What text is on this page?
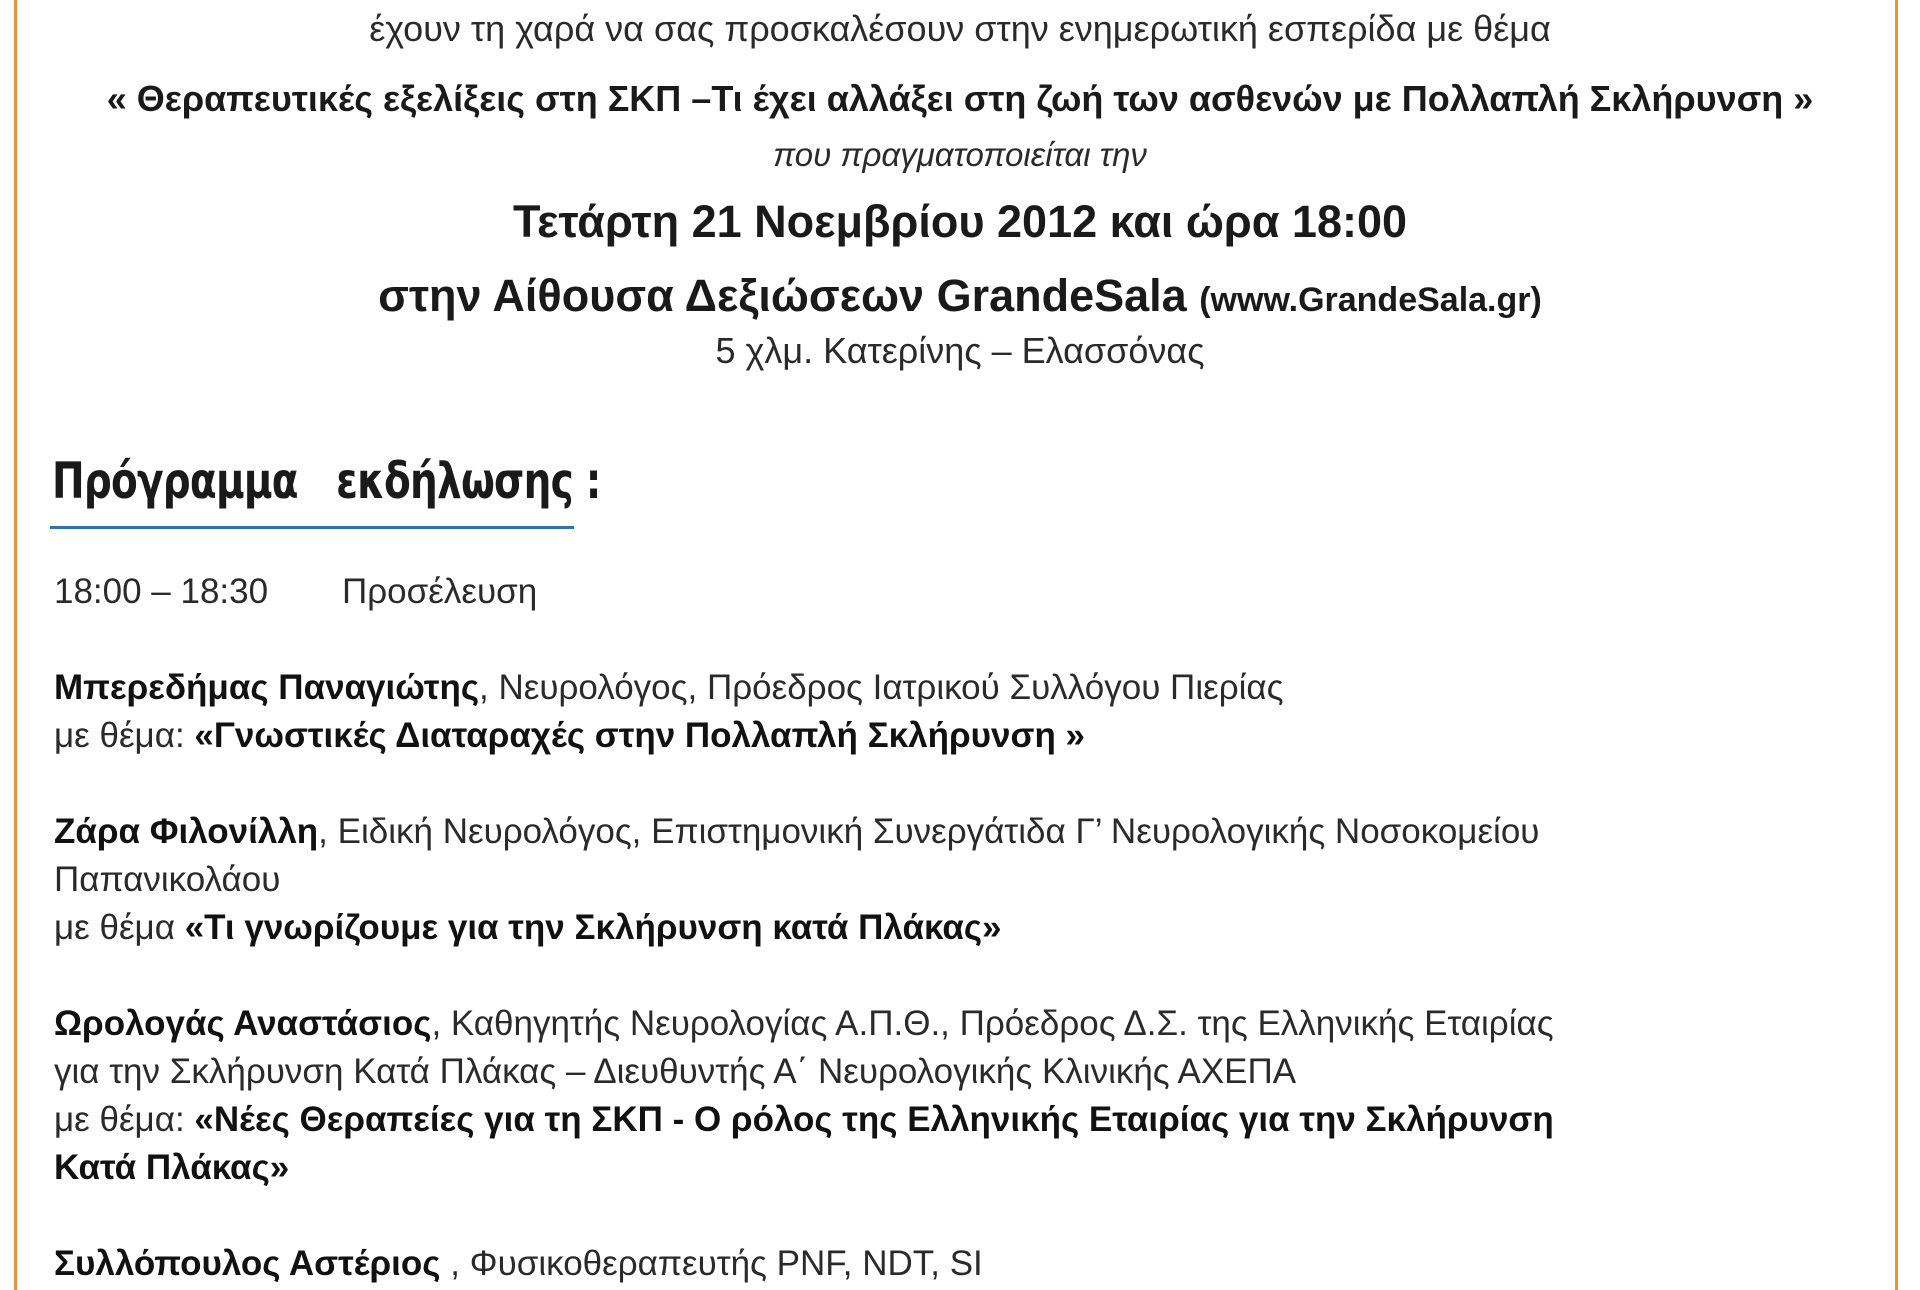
έχουν τη χαρά να σας προσκαλέσουν στην ενημερωτική εσπερίδα με θέμα
« Θεραπευτικές εξελίξεις στη ΣΚΠ –Τι έχει αλλάξει στη ζωή των ασθενών με Πολλαπλή Σκλήρυνση »
που πραγματοποιείται την
Τετάρτη 21 Νοεμβρίου 2012 και ώρα 18:00
στην Αίθουσα Δεξιώσεων GrandeSala (www.GrandeSala.gr)
5 χλμ. Κατερίνης – Ελασσόνας
Πρόγραμμα   εκδήλωσης :
18:00 – 18:30 Προσέλευση
Μπερεδήμας Παναγιώτης, Νευρολόγος, Πρόεδρος Ιατρικού Συλλόγου Πιερίας
με θέμα: «Γνωστικές Διαταραχές στην Πολλαπλή Σκλήρυνση »
Ζάρα Φιλονίλλη, Ειδική Νευρολόγος, Επιστημονική Συνεργάτιδα Γ’ Νευρολογικής Νοσοκομείου
Παπανικολάου
με θέμα «Τι γνωρίζουμε για την Σκλήρυνση κατά Πλάκας»
Ωρολογάς Αναστάσιος, Καθηγητής Νευρολογίας Α.Π.Θ., Πρόεδρος Δ.Σ. της Ελληνικής Εταιρίας
για την Σκλήρυνση Κατά Πλάκας – Διευθυντής Α΄ Νευρολογικής Κλινικής ΑΧΕΠΑ
με θέμα: «Νέες Θεραπείες για τη ΣΚΠ - Ο ρόλος της Ελληνικής Εταιρίας για την Σκλήρυνση
Κατά Πλάκας»
Συλλόπουλος Αστέριος , Φυσικοθεραπευτής PNF, NDT, SI
